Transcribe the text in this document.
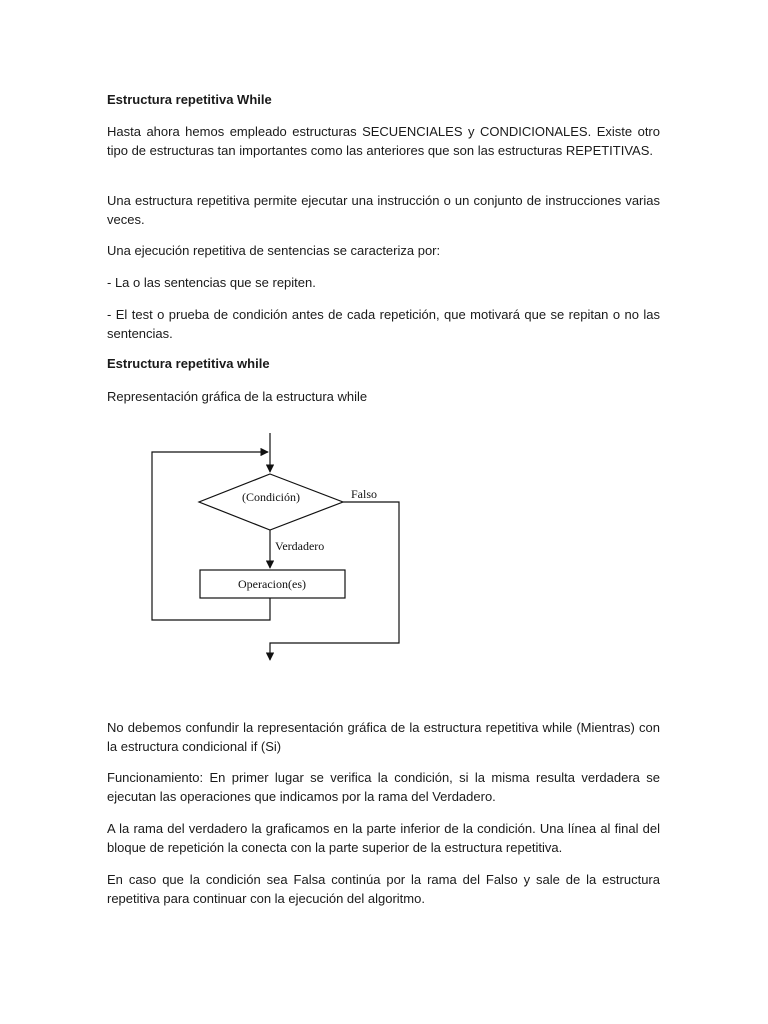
Estructura repetitiva While
Hasta ahora hemos empleado estructuras SECUENCIALES y CONDICIONALES. Existe otro tipo de estructuras tan importantes como las anteriores que son las estructuras REPETITIVAS.
Una estructura repetitiva permite ejecutar una instrucción o un conjunto de instrucciones varias veces.
Una ejecución repetitiva de sentencias se caracteriza por:
- La o las sentencias que se repiten.
- El test o prueba de condición antes de cada repetición, que motivará que se repitan o no las sentencias.
Estructura repetitiva while
Representación gráfica de la estructura while
(Condición)	Falso
Verdadero
Operacion(es)
No debemos confundir la representación gráfica de la estructura repetitiva while (Mientras) con la estructura condicional if (Si)
Funcionamiento: En primer lugar se verifica la condición, si la misma resulta verdadera se ejecutan las operaciones que indicamos por la rama del Verdadero.
A la rama del verdadero la graficamos en la parte inferior de la condición. Una línea al final del bloque de repetición la conecta con la parte superior de la estructura repetitiva.
En caso que la condición sea Falsa continúa por la rama del Falso y sale de la estructura repetitiva para continuar con la ejecución del algoritmo.
